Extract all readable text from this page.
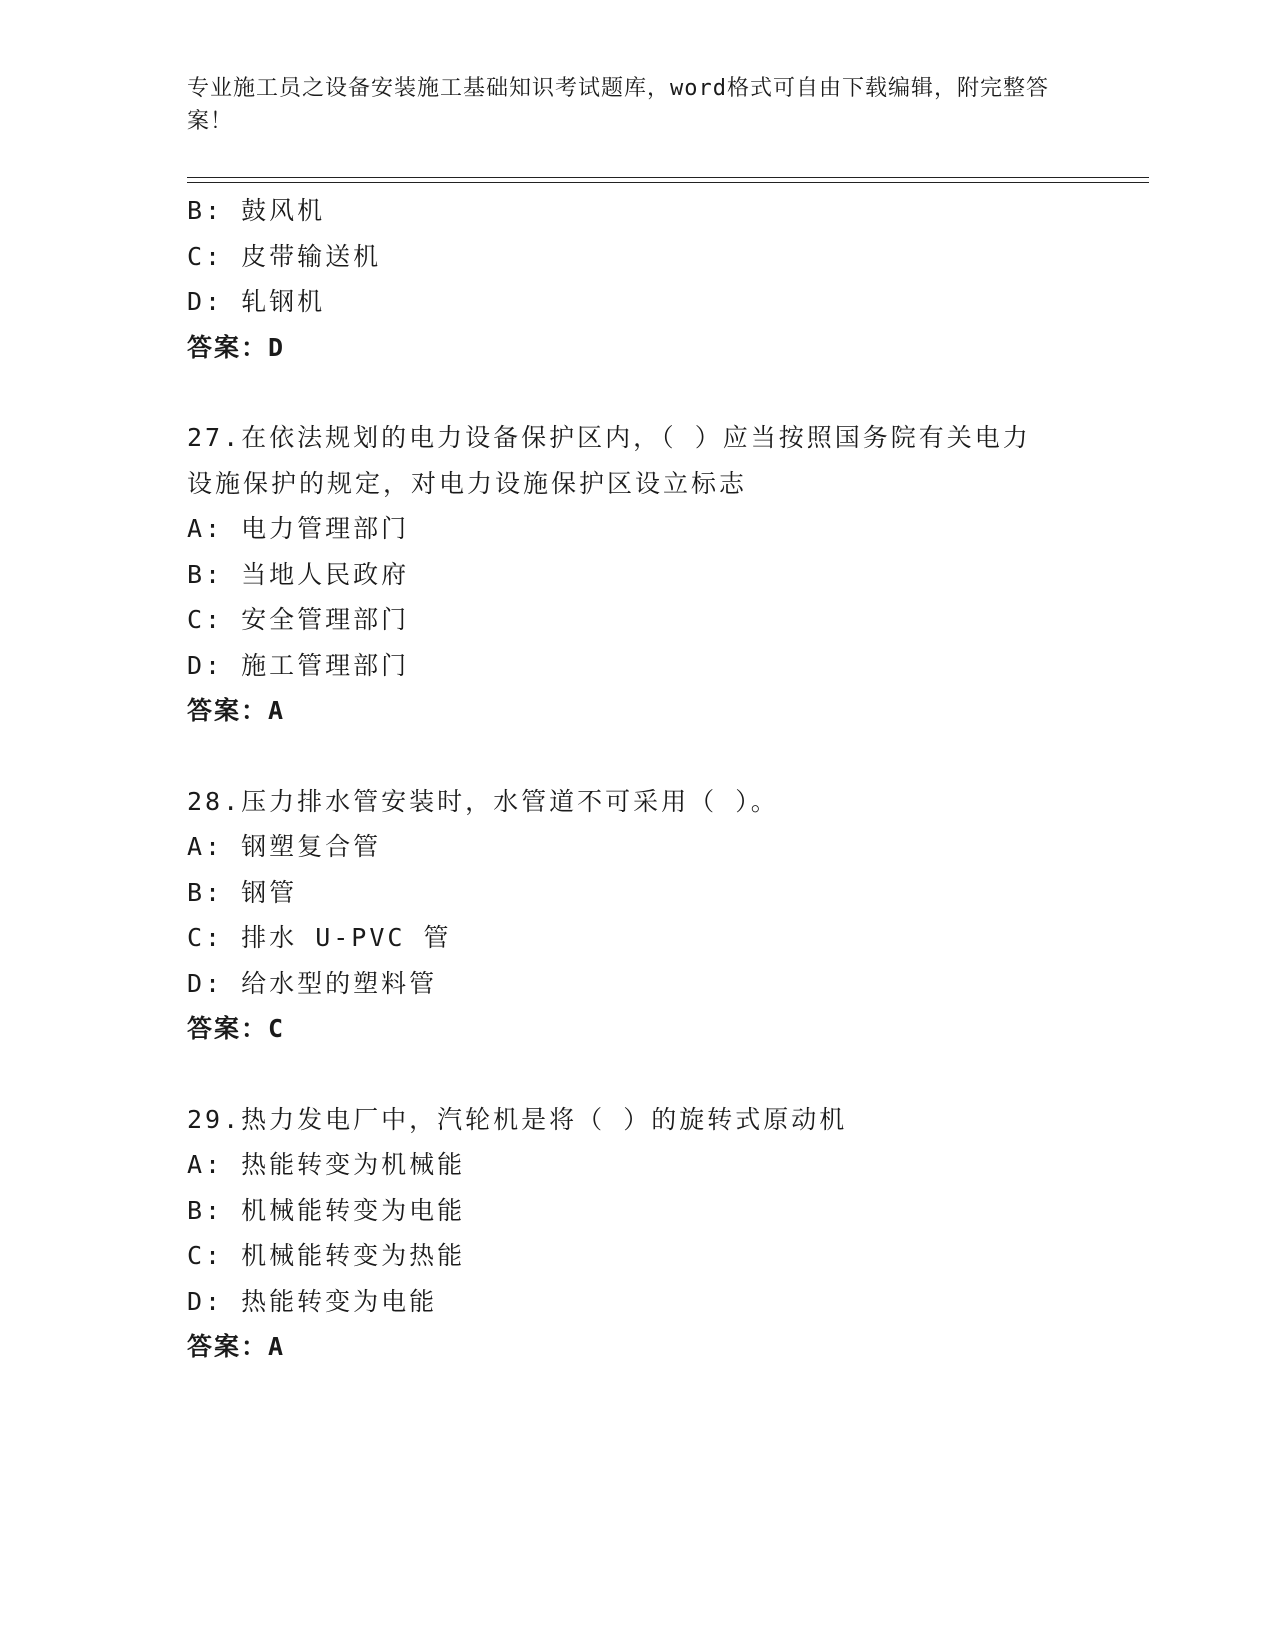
专业施工员之设备安装施工基础知识考试题库，word格式可自由下载编辑，附完整答案！
B: 鼓风机
C: 皮带输送机
D: 轧钢机
答案：D
27.在依法规划的电力设备保护区内，（ ）应当按照国务院有关电力
设施保护的规定，对电力设施保护区设立标志
A: 电力管理部门
B: 当地人民政府
C: 安全管理部门
D: 施工管理部门
答案：A
28.压力排水管安装时，水管道不可采用（ ）。
A: 钢塑复合管
B: 钢管
C: 排水 U-PVC 管
D: 给水型的塑料管
答案：C
29.热力发电厂中，汽轮机是将（ ）的旋转式原动机
A: 热能转变为机械能
B: 机械能转变为电能
C: 机械能转变为热能
D: 热能转变为电能
答案：A
